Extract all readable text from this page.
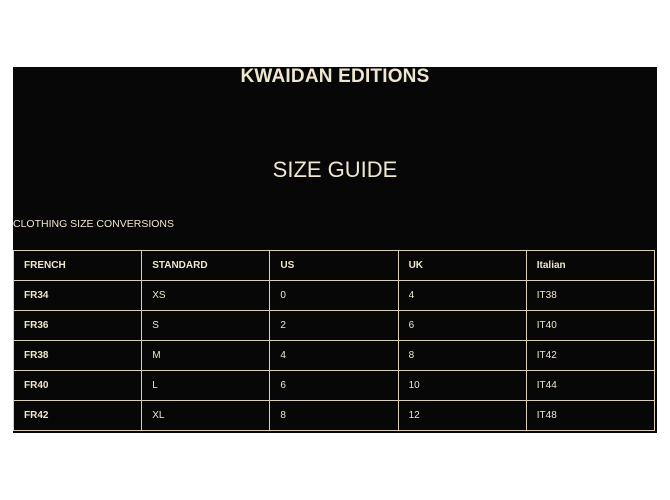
KWAIDAN EDITIONS
SIZE GUIDE
CLOTHING SIZE CONVERSIONS
FRENCH	STANDARD	US	UK	Italian
FR34	XS	0	4	IT38
FR36	S	2	6	IT40
FR38	M	4	8	IT42
FR40	L	6	10	IT44
FR42	XL	8	12	IT48
